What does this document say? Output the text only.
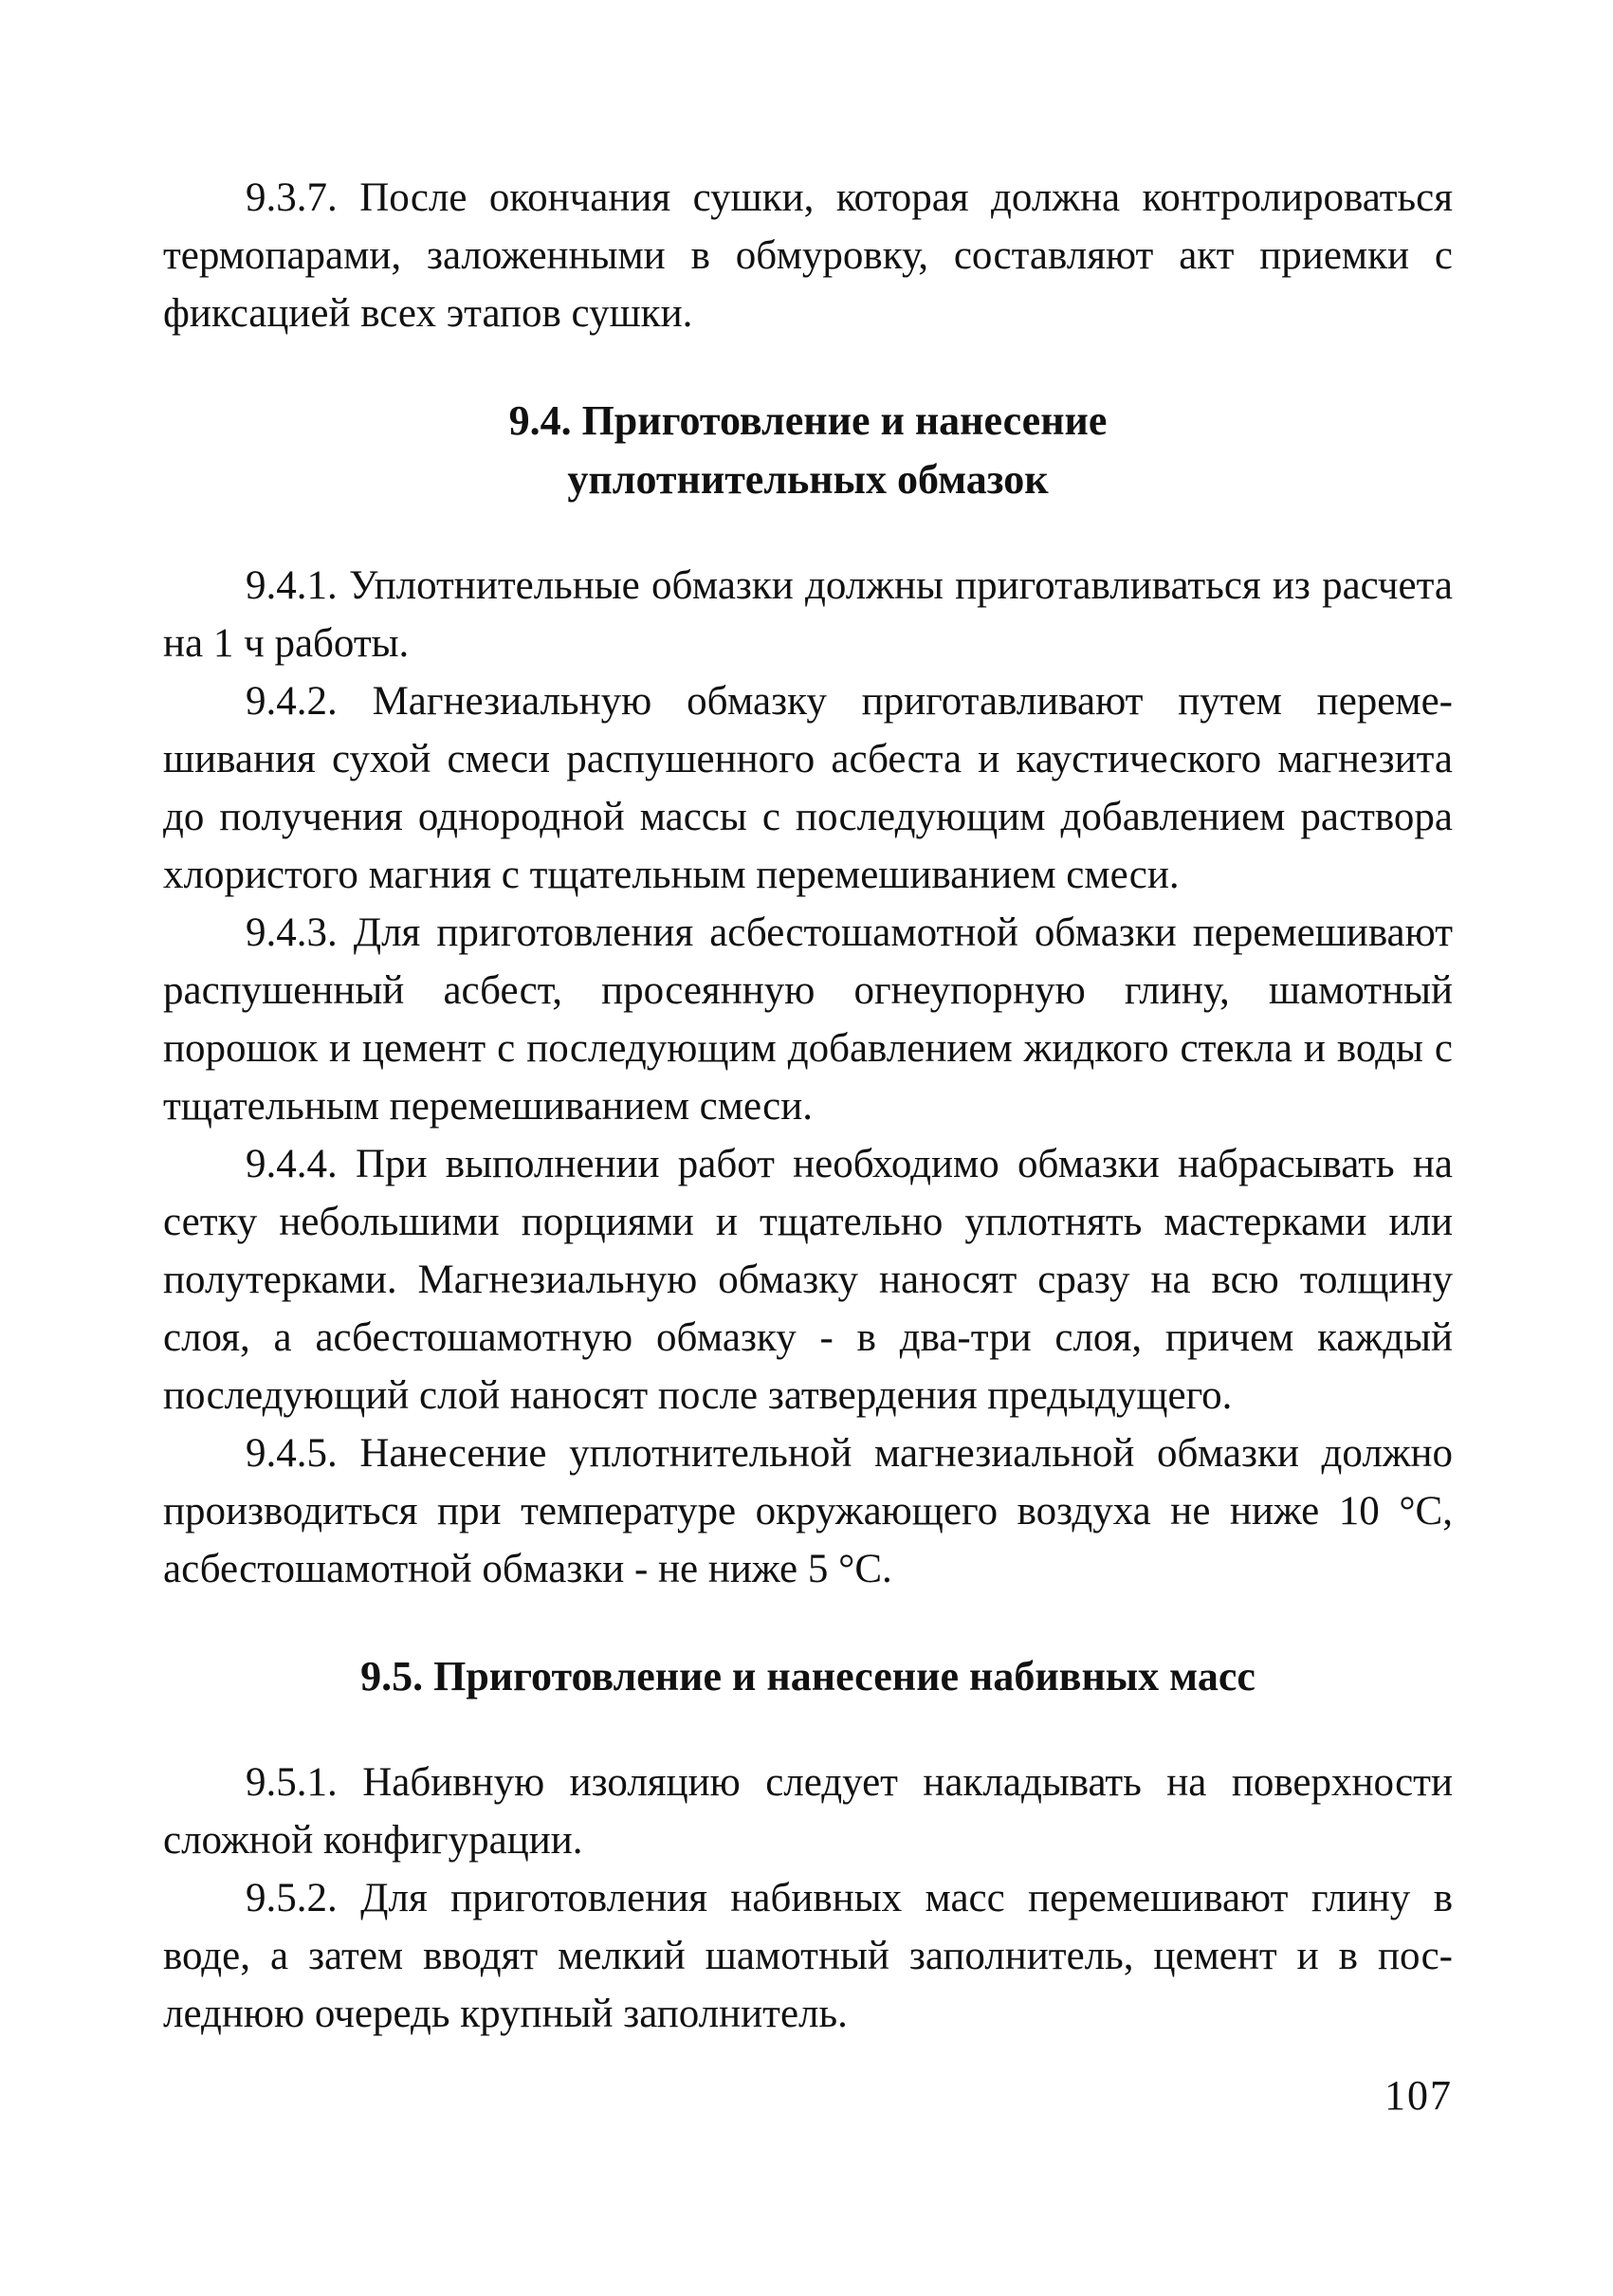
9.3.7. После окончания сушки, которая должна контролироваться термопарами, заложенными в обмуровку, составляют акт приемки с фиксацией всех этапов сушки.

9.4. Приготовление и нанесение

уплотнительных обмазок

9.4.1. Уплотнительные обмазки должны приготавливаться из расчета на 1 ч работы.

9.4.2. Магнезиальную обмазку приготавливают путем перемешивания сухой смеси распушенного асбеста и каустического магнезита до получения однородной массы с последующим добавлением раствора хлористого магния с тщательным перемешиванием смеси.

9.4.3. Для приготовления асбестошамотной обмазки перемешивают распушенный асбест, просеянную огнеупорную глину, шамотный порошок и цемент с последующим добавлением жидкого стекла и воды с тщательным перемешиванием смеси.

9.4.4. При выполнении работ необходимо обмазки набрасывать на сетку небольшими порциями и тщательно уплотнять мастерками или полутерками. Магнезиальную обмазку наносят сразу на всю толщину слоя, а асбестошамотную обмазку - в два-три слоя, причем каждый последующий слой наносят после затвердения предыдущего.

9.4.5. Нанесение уплотнительной магнезиальной обмазки должно производиться при температуре окружающего воздуха не ниже 10 °С, асбестошамотной обмазки - не ниже 5 °С.

9.5. Приготовление и нанесение набивных масс

9.5.1. Набивную изоляцию следует накладывать на поверхности сложной конфигурации.

9.5.2. Для приготовления набивных масс перемешивают глину в воде, а затем вводят мелкий шамотный заполнитель, цемент и в последнюю очередь крупный заполнитель.

107
